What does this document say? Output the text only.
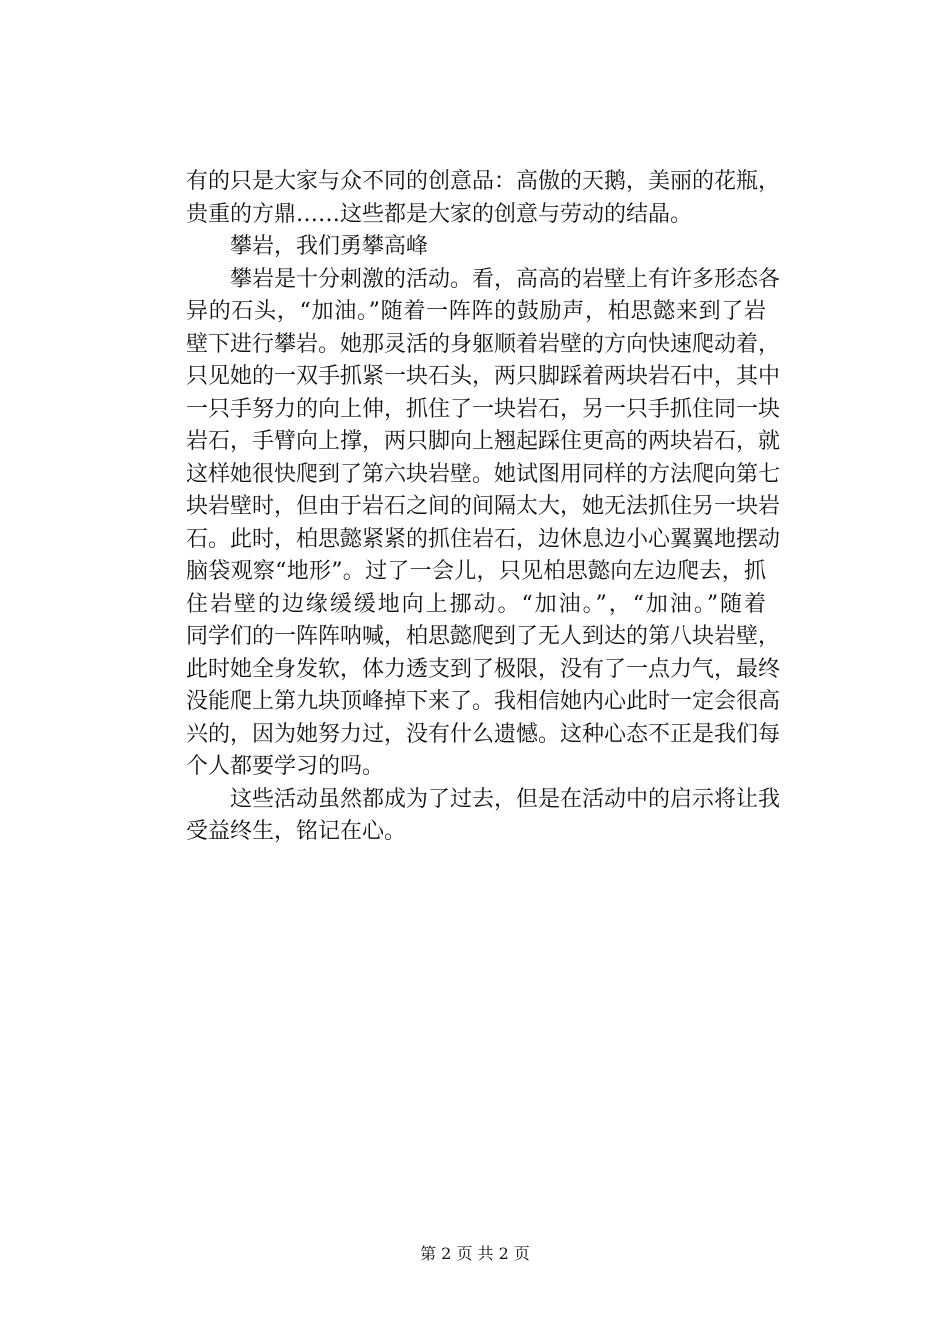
有的只是大家与众不同的创意品：高傲的天鹅，美丽的花瓶，
贵重的方鼎……这些都是大家的创意与劳动的结晶。
攀岩，我们勇攀高峰
攀岩是十分刺激的活动。看，高高的岩壁上有许多形态各
异的石头，“加油。”随着一阵阵的鼓励声，柏思懿来到了岩
壁下进行攀岩。她那灵活的身躯顺着岩壁的方向快速爬动着，
只见她的一双手抓紧一块石头，两只脚踩着两块岩石中，其中
一只手努力的向上伸，抓住了一块岩石，另一只手抓住同一块
岩石，手臂向上撑，两只脚向上翘起踩住更高的两块岩石，就
这样她很快爬到了第六块岩壁。她试图用同样的方法爬向第七
块岩壁时，但由于岩石之间的间隔太大，她无法抓住另一块岩
石。此时，柏思懿紧紧的抓住岩石，边休息边小心翼翼地摆动
脑袋观察“地形”。过了一会儿，只见柏思懿向左边爬去，抓
住岩壁的边缘缓缓地向上挪动。“加油。”，“加油。”随着
同学们的一阵阵呐喊，柏思懿爬到了无人到达的第八块岩壁，
此时她全身发软，体力透支到了极限，没有了一点力气，最终
没能爬上第九块顶峰掉下来了。我相信她内心此时一定会很高
兴的，因为她努力过，没有什么遗憾。这种心态不正是我们每
个人都要学习的吗。
这些活动虽然都成为了过去，但是在活动中的启示将让我
受益终生，铭记在心。
第 2 页 共 2 页
